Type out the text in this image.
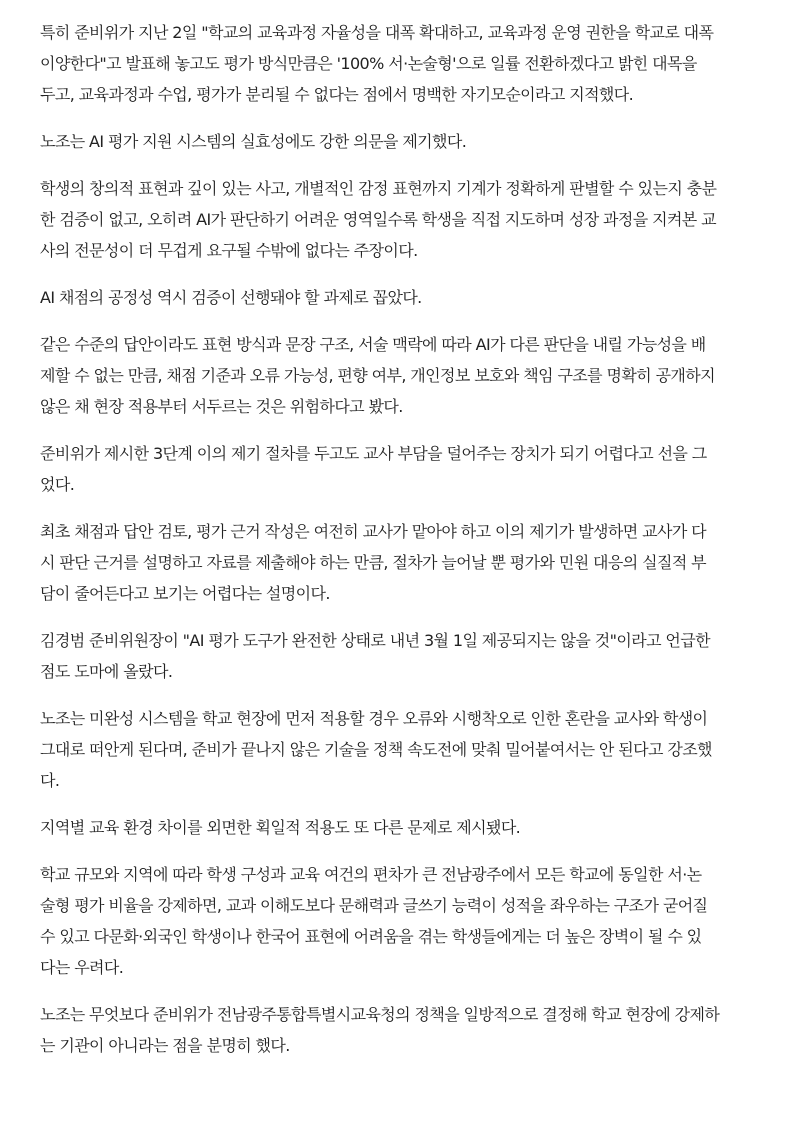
특히 준비위가 지난 2일 "학교의 교육과정 자율성을 대폭 확대하고, 교육과정 운영 권한을 학교로 대폭
이양한다"고 발표해 놓고도 평가 방식만큼은 '100% 서·논술형'으로 일률 전환하겠다고 밝힌 대목을
두고, 교육과정과 수업, 평가가 분리될 수 없다는 점에서 명백한 자기모순이라고 지적했다.

노조는 AI 평가 지원 시스템의 실효성에도 강한 의문을 제기했다.

학생의 창의적 표현과 깊이 있는 사고, 개별적인 감정 표현까지 기계가 정확하게 판별할 수 있는지 충분
한 검증이 없고, 오히려 AI가 판단하기 어려운 영역일수록 학생을 직접 지도하며 성장 과정을 지켜본 교
사의 전문성이 더 무겁게 요구될 수밖에 없다는 주장이다.

AI 채점의 공정성 역시 검증이 선행돼야 할 과제로 꼽았다.

같은 수준의 답안이라도 표현 방식과 문장 구조, 서술 맥락에 따라 AI가 다른 판단을 내릴 가능성을 배
제할 수 없는 만큼, 채점 기준과 오류 가능성, 편향 여부, 개인정보 보호와 책임 구조를 명확히 공개하지
않은 채 현장 적용부터 서두르는 것은 위험하다고 봤다.

준비위가 제시한 3단계 이의 제기 절차를 두고도 교사 부담을 덜어주는 장치가 되기 어렵다고 선을 그
었다.

최초 채점과 답안 검토, 평가 근거 작성은 여전히 교사가 맡아야 하고 이의 제기가 발생하면 교사가 다
시 판단 근거를 설명하고 자료를 제출해야 하는 만큼, 절차가 늘어날 뿐 평가와 민원 대응의 실질적 부
담이 줄어든다고 보기는 어렵다는 설명이다.

김경범 준비위원장이 "AI 평가 도구가 완전한 상태로 내년 3월 1일 제공되지는 않을 것"이라고 언급한
점도 도마에 올랐다.

노조는 미완성 시스템을 학교 현장에 먼저 적용할 경우 오류와 시행착오로 인한 혼란을 교사와 학생이
그대로 떠안게 된다며, 준비가 끝나지 않은 기술을 정책 속도전에 맞춰 밀어붙여서는 안 된다고 강조했
다.

지역별 교육 환경 차이를 외면한 획일적 적용도 또 다른 문제로 제시됐다.

학교 규모와 지역에 따라 학생 구성과 교육 여건의 편차가 큰 전남광주에서 모든 학교에 동일한 서·논
술형 평가 비율을 강제하면, 교과 이해도보다 문해력과 글쓰기 능력이 성적을 좌우하는 구조가 굳어질
수 있고 다문화·외국인 학생이나 한국어 표현에 어려움을 겪는 학생들에게는 더 높은 장벽이 될 수 있
다는 우려다.

노조는 무엇보다 준비위가 전남광주통합특별시교육청의 정책을 일방적으로 결정해 학교 현장에 강제하
는 기관이 아니라는 점을 분명히 했다.
